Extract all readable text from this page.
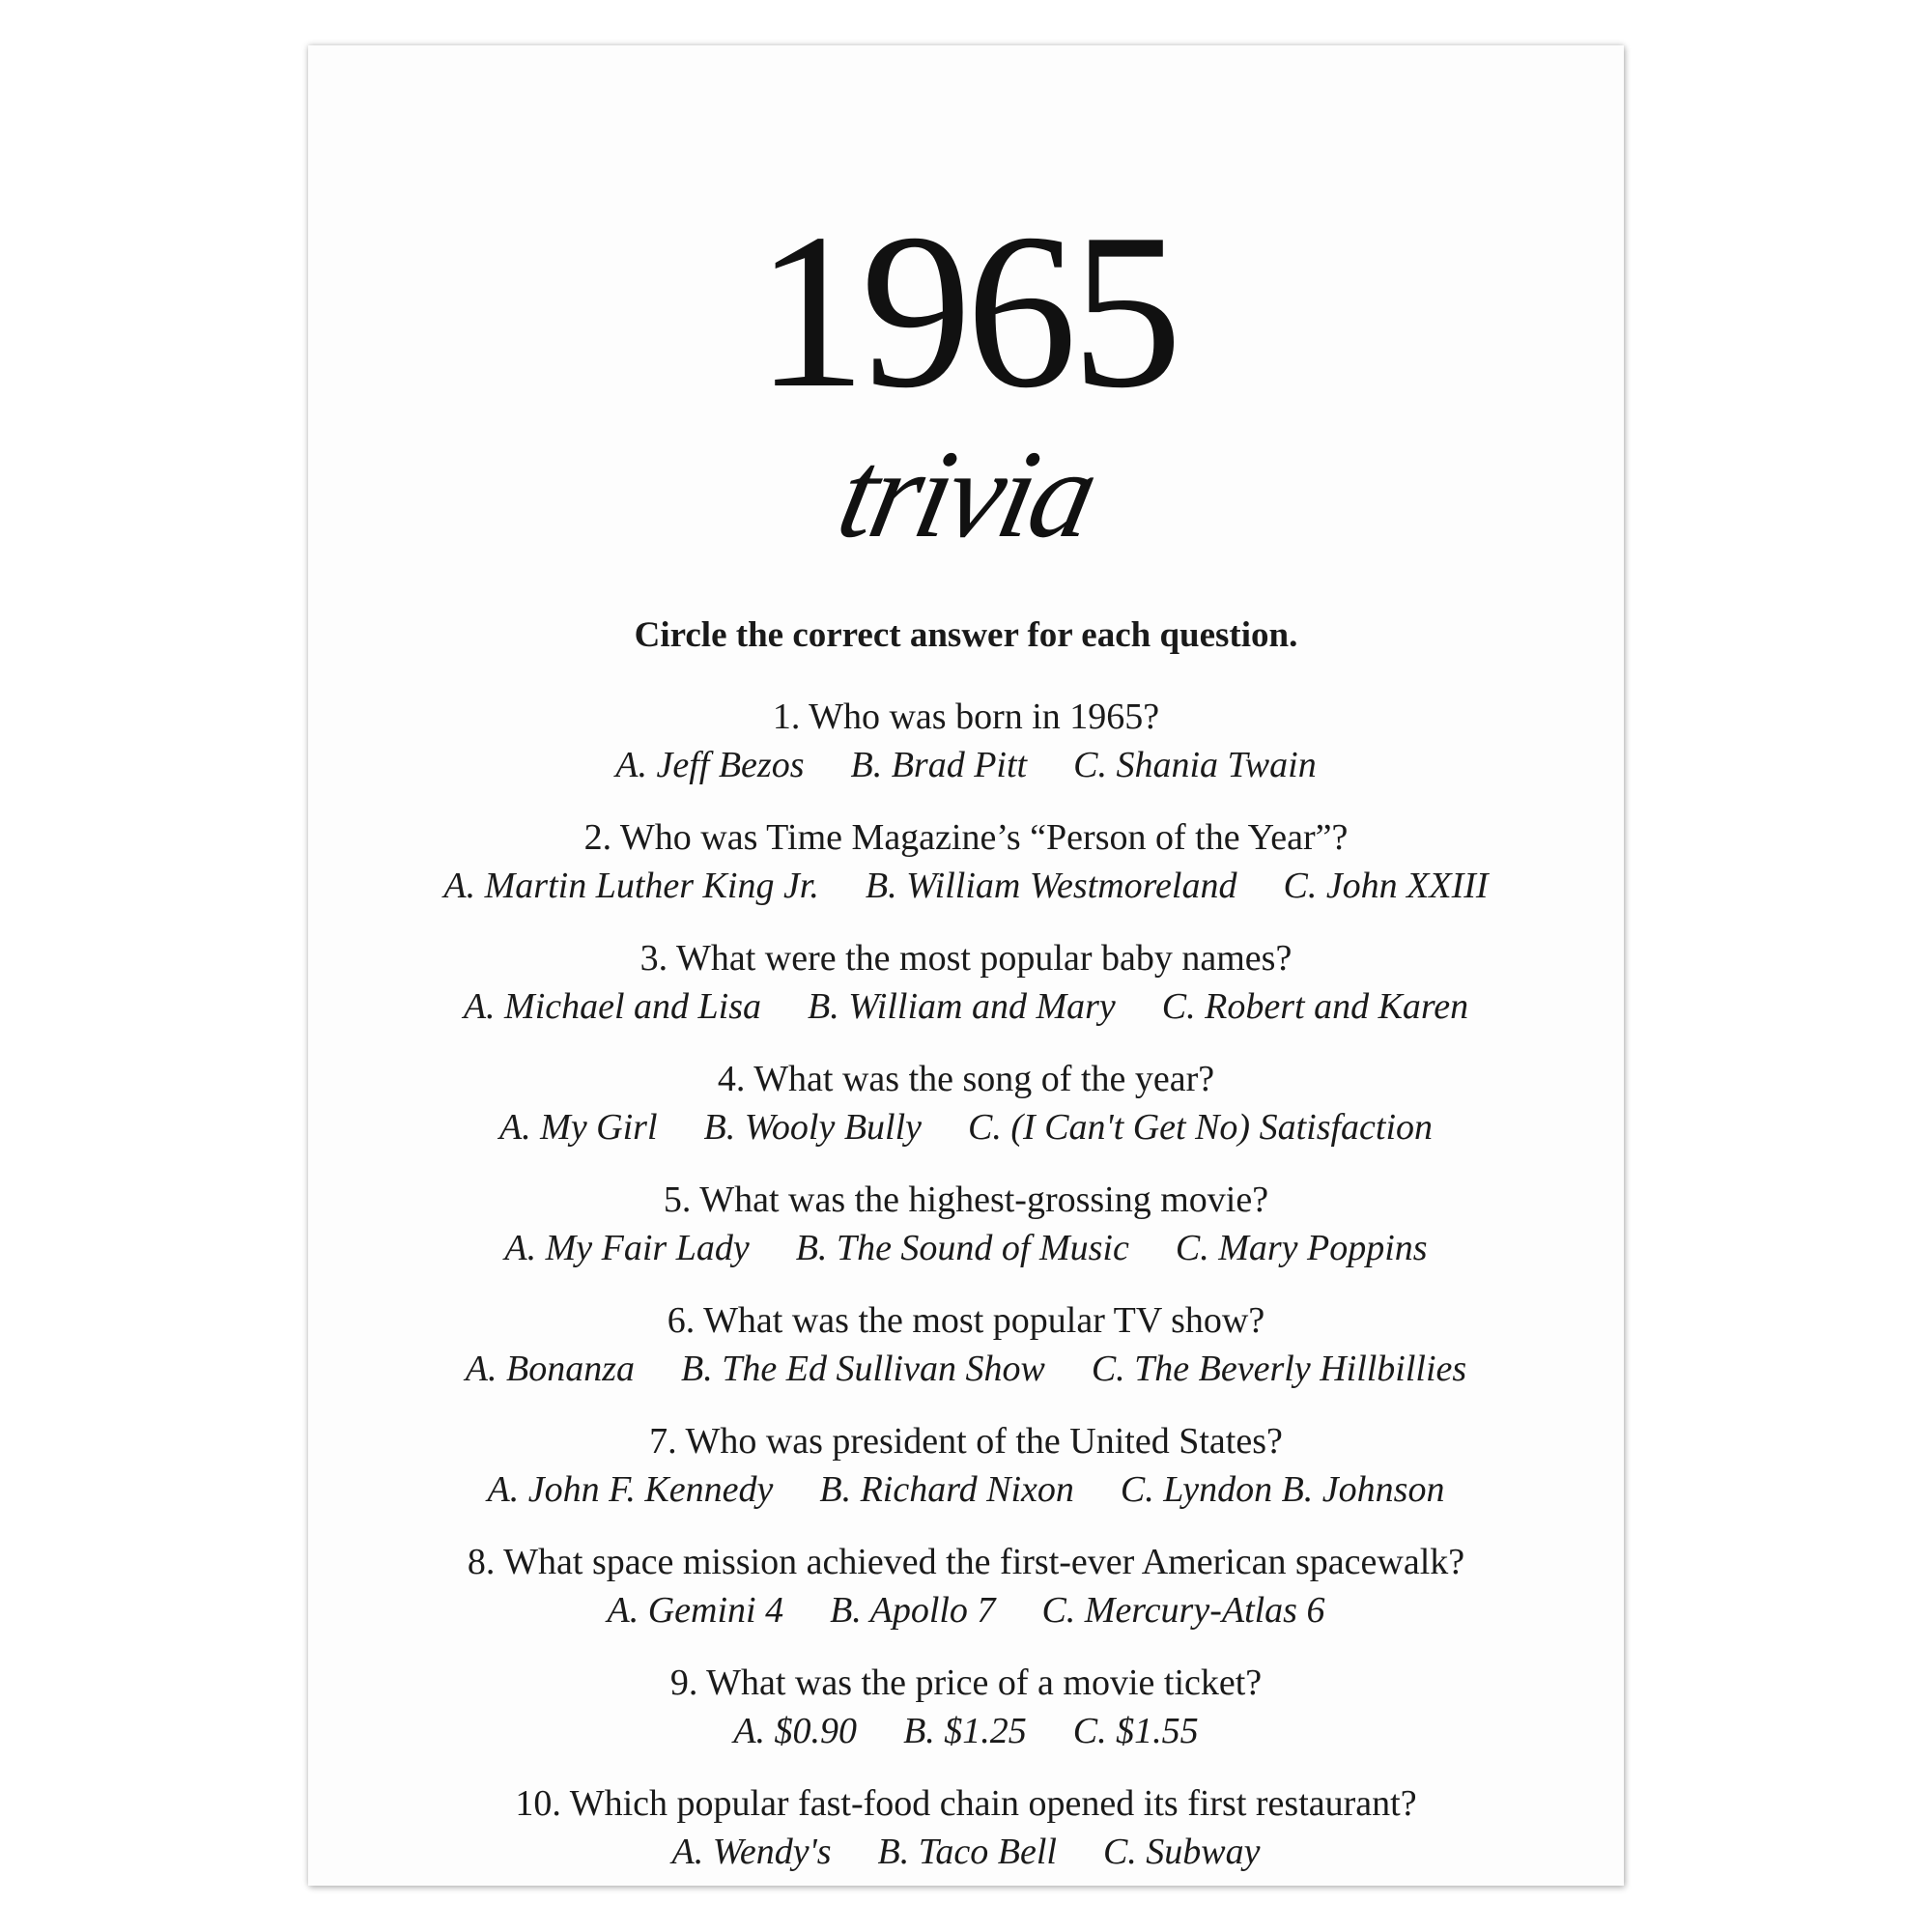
1965
trivia
Circle the correct answer for each question.
1. Who was born in 1965?
A. Jeff Bezos B. Brad Pitt C. Shania Twain
2. Who was Time Magazine’s “Person of the Year”?
A. Martin Luther King Jr. B. William Westmoreland C. John XXIII
3. What were the most popular baby names?
A. Michael and Lisa B. William and Mary C. Robert and Karen
4. What was the song of the year?
A. My Girl B. Wooly Bully C. (I Can't Get No) Satisfaction
5. What was the highest-grossing movie?
A. My Fair Lady B. The Sound of Music C. Mary Poppins
6. What was the most popular TV show?
A. Bonanza B. The Ed Sullivan Show C. The Beverly Hillbillies
7. Who was president of the United States?
A. John F. Kennedy B. Richard Nixon C. Lyndon B. Johnson
8. What space mission achieved the first-ever American spacewalk?
A. Gemini 4 B. Apollo 7 C. Mercury-Atlas 6
9. What was the price of a movie ticket?
A. $0.90 B. $1.25 C. $1.55
10. Which popular fast-food chain opened its first restaurant?
A. Wendy's B. Taco Bell C. Subway
